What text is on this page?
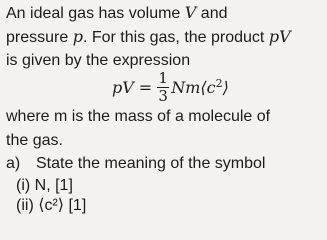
An ideal gas has volume V and
pressure p. For this gas, the product pV
is given by the expression
pV = $\frac{1}{3}$ $Nm⟨c^2⟩$
where m is the mass of a molecule of
the gas.
a) State the meaning of the symbol
(i) N, [1]
(ii) ⟨c²⟩ [1]
